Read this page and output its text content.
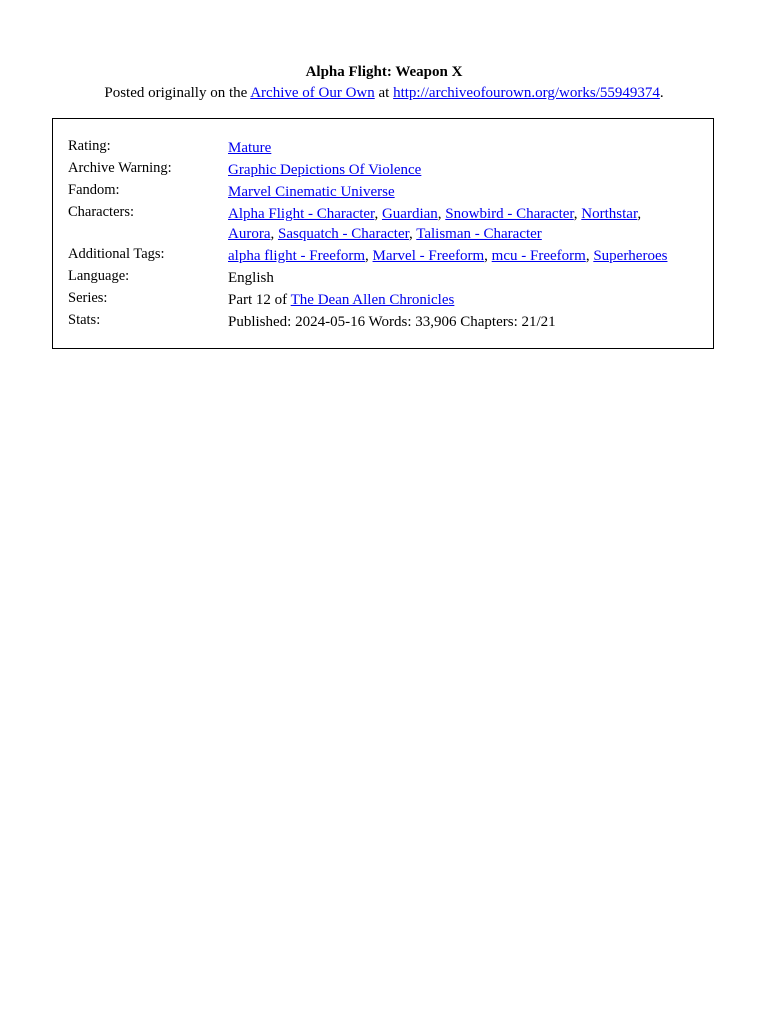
Alpha Flight: Weapon X
Posted originally on the Archive of Our Own at http://archiveofourown.org/works/55949374.
Rating:	Mature
Archive Warning:	Graphic Depictions Of Violence
Fandom:	Marvel Cinematic Universe
Characters:	Alpha Flight - Character, Guardian, Snowbird - Character, Northstar,
Aurora, Sasquatch - Character, Talisman - Character
Additional Tags:	alpha flight - Freeform, Marvel - Freeform, mcu - Freeform, Superheroes
Language:	English
Series:	Part 12 of The Dean Allen Chronicles
Stats:	Published: 2024-05-16 Words: 33,906 Chapters: 21/21
